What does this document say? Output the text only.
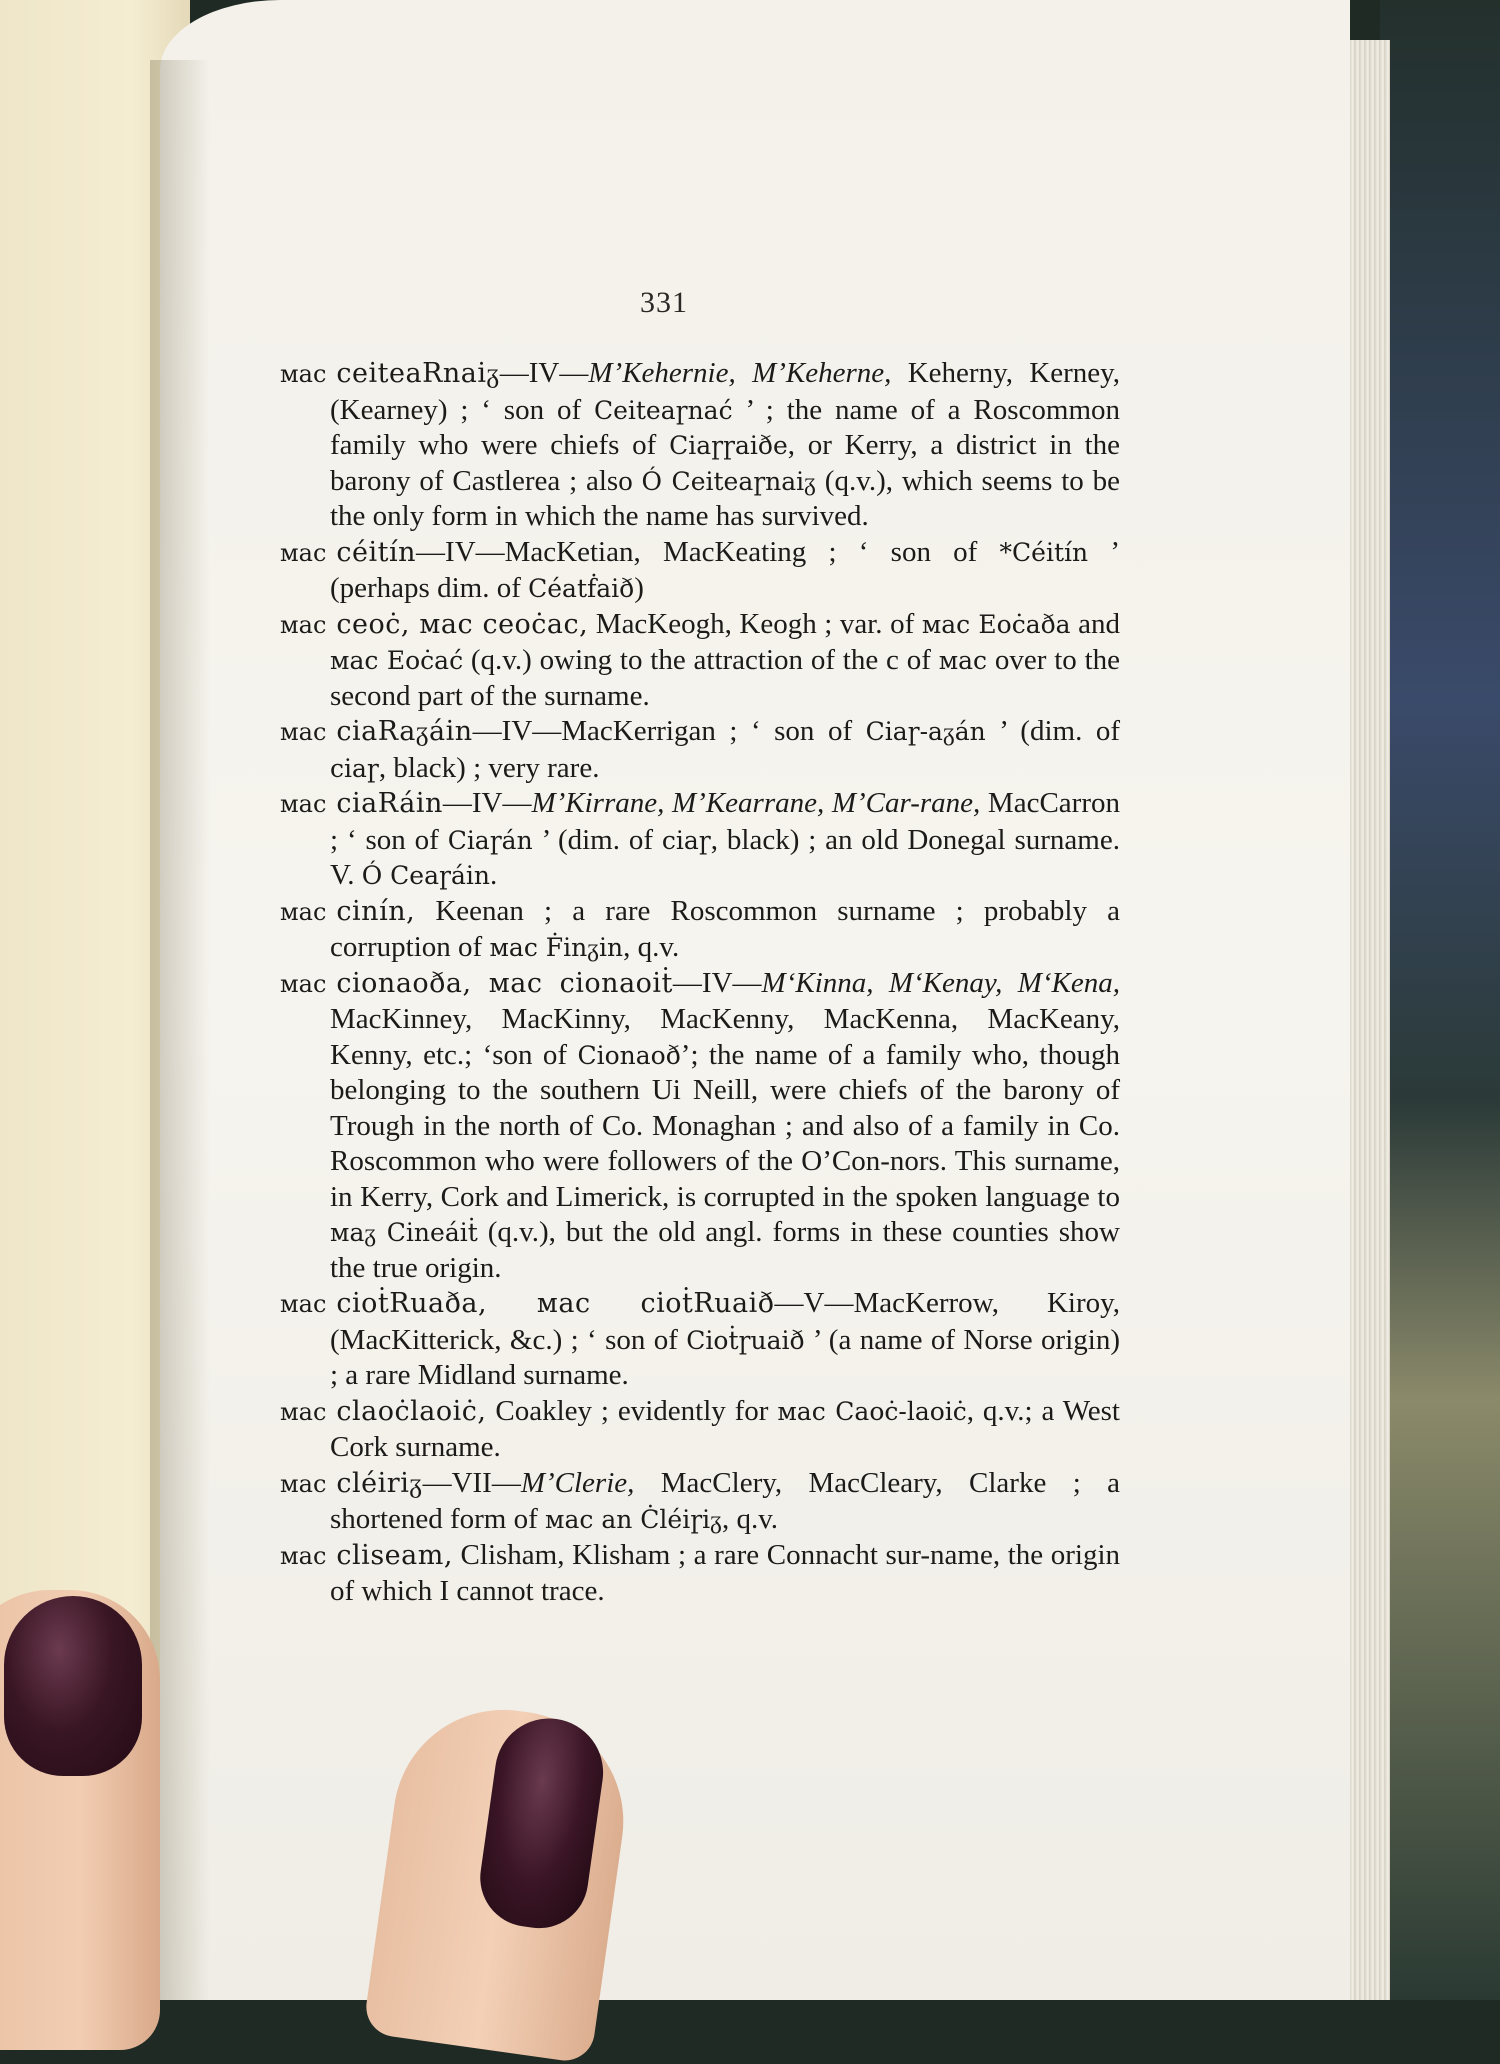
331

ᴍac ceiteaRnaiᵹ—IV—M’Kehernie, M’Keherne, Keherny, Kerney, (Kearney) ; ‘ son of Ceiteaɼnać ’ ; the name of a Roscommon family who were chiefs of Ciaɼɼaiðe, or Kerry, a district in the barony of Castlerea ; also Ó Ceiteaɼnaiᵹ (q.v.), which seems to be the only form in which the name has survived.

ᴍac céitín—IV—MacKetian, MacKeating ; ‘ son of *Céitín ’ (perhaps dim. of Céatḟaið)

ᴍac ceoċ, ᴍac ceoċac, MacKeogh, Keogh ; var. of ᴍac Eoċaða and ᴍac Eoċać (q.v.) owing to the attraction of the c of ᴍac over to the second part of the surname.

ᴍac ciaRaᵹáin—IV—MacKerrigan ; ‘ son of Ciaɼ-aᵹán ’ (dim. of ciaɼ, black) ; very rare.

ᴍac ciaRáin—IV—M’Kirrane, M’Kearrane, M’Car-rane, MacCarron ; ‘ son of Ciaɼán ’ (dim. of ciaɼ, black) ; an old Donegal surname. V. Ó Ceaɼáin.

ᴍac cinín, Keenan ; a rare Roscommon surname ; probably a corruption of ᴍac Ḟinᵹin, q.v.

ᴍac cionaoða, ᴍac cionaoiṫ—IV—M‘Kinna, M‘Kenay, M‘Kena, MacKinney, MacKinny, MacKenny, MacKenna, MacKeany, Kenny, etc.; ‘son of Cionaoð’; the name of a family who, though belonging to the southern Ui Neill, were chiefs of the barony of Trough in the north of Co. Monaghan ; and also of a family in Co. Roscommon who were followers of the O’Con-nors. This surname, in Kerry, Cork and Limerick, is corrupted in the spoken language to ᴍaᵹ Cineáiṫ (q.v.), but the old angl. forms in these counties show the true origin.

ᴍac cioṫRuaða, ᴍac cioṫRuaið—V—MacKerrow, Kiroy, (MacKitterick, &c.) ; ‘ son of Cioṫɼuaið ’ (a name of Norse origin) ; a rare Midland surname.

ᴍac claoċlaoiċ, Coakley ; evidently for ᴍac Caoċ-laoiċ, q.v.; a West Cork surname.

ᴍac cléiriᵹ—VII—M’Clerie, MacClery, MacCleary, Clarke ; a shortened form of ᴍac an Ċléiɼiᵹ, q.v.

ᴍac cliseam, Clisham, Klisham ; a rare Connacht sur-name, the origin of which I cannot trace.
